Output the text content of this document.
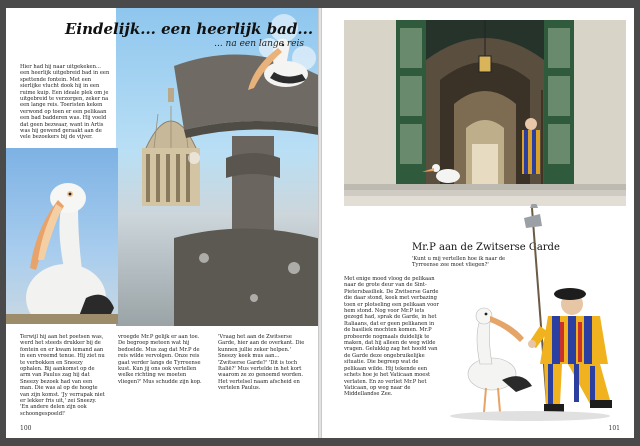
Eindelijk... een heerlijk bad...
... na een lange reis

Hier had hij naar uitgekeken... een heerlijk uitgebreid bad in een spettende fontein. Met een sierlijke vlucht dook hij in een ruime kuip. Een ideale plek om je uitgebreid te verzorgen, zeker na een lange reis. Toeristen keken verwond op toen er een pelikaan een bad badderen was. Hij voeld dat geen bezwaar, want in Artis was hij gewend geraakt aan de vele bezoekers bij de vijver.

Terwijl hij aan het poetsen was, werd het steeds drukker bij de fontein en er kwam iemand aan in een vreemd tenue. Hij ziet nu te verbokken en Sneezy ophalen. Bij aankomst op de arm van Paulus zag hij dat Sneezy bezoek had van een man. Die was al op de hoogte van zijn komst. 'Jy verrapak niet er lekker fris uit,' zei Sneezy. 'En andere delen zijn ook schoongespoeld!'

vroegde Mr.P gelijk er aan toe. De begroep meteen wat hij bedoelde. Mus zag dat Mr.P de reis wilde vervolgen. Onze reis gaat verder langs de Tyrreense kust. Kun jij ons ook vertellen welke richting we moeten vliegen?' Mus schudde zijn kop.

'Vraag het aan de Zwitserse Garde, hier aan de overkant. Die kunnen jullie zeker helpen.' Sneezy keek mus aan... 'Zwitserse Garde?' 'Dit is toch Italië?' Mus vertelde in het kort waarom ze zo genoemd worden. Het vertelsel naam afscheid en vertelen Paulus.

100
Mr.P aan de Zwitserse Garde
'Kunt u mij vertellen hoe ik naar de Tyrreense zee moet vliegen?'

Met enige moed vloog de pelikaan naar de grote deur van de Sint-Pietersbasiliek. De Zwitserse Garde die daar stond, keek met verbazing toen er plotseling een pelikaan voor hem stond. Nog voor Mr.P iets gezegd had, sprak de Garde, in het Italiaans, dat er geen pelikanen in de basiliek mochten komen. Mr.P probeerde nogmaals duidelijk te maken, dat hij alleen de weg wilde vragen. Gelukkig zag het hoofd van de Garde deze ongebruikelijke situatie. Die begreep wat de pelikaan wilde. Hij tekende een schets hoe je het Vaticaan moest verlaten. En zo verliet Mr.P het Vaticaan, op weg naar de Middellandse Zee.

101
